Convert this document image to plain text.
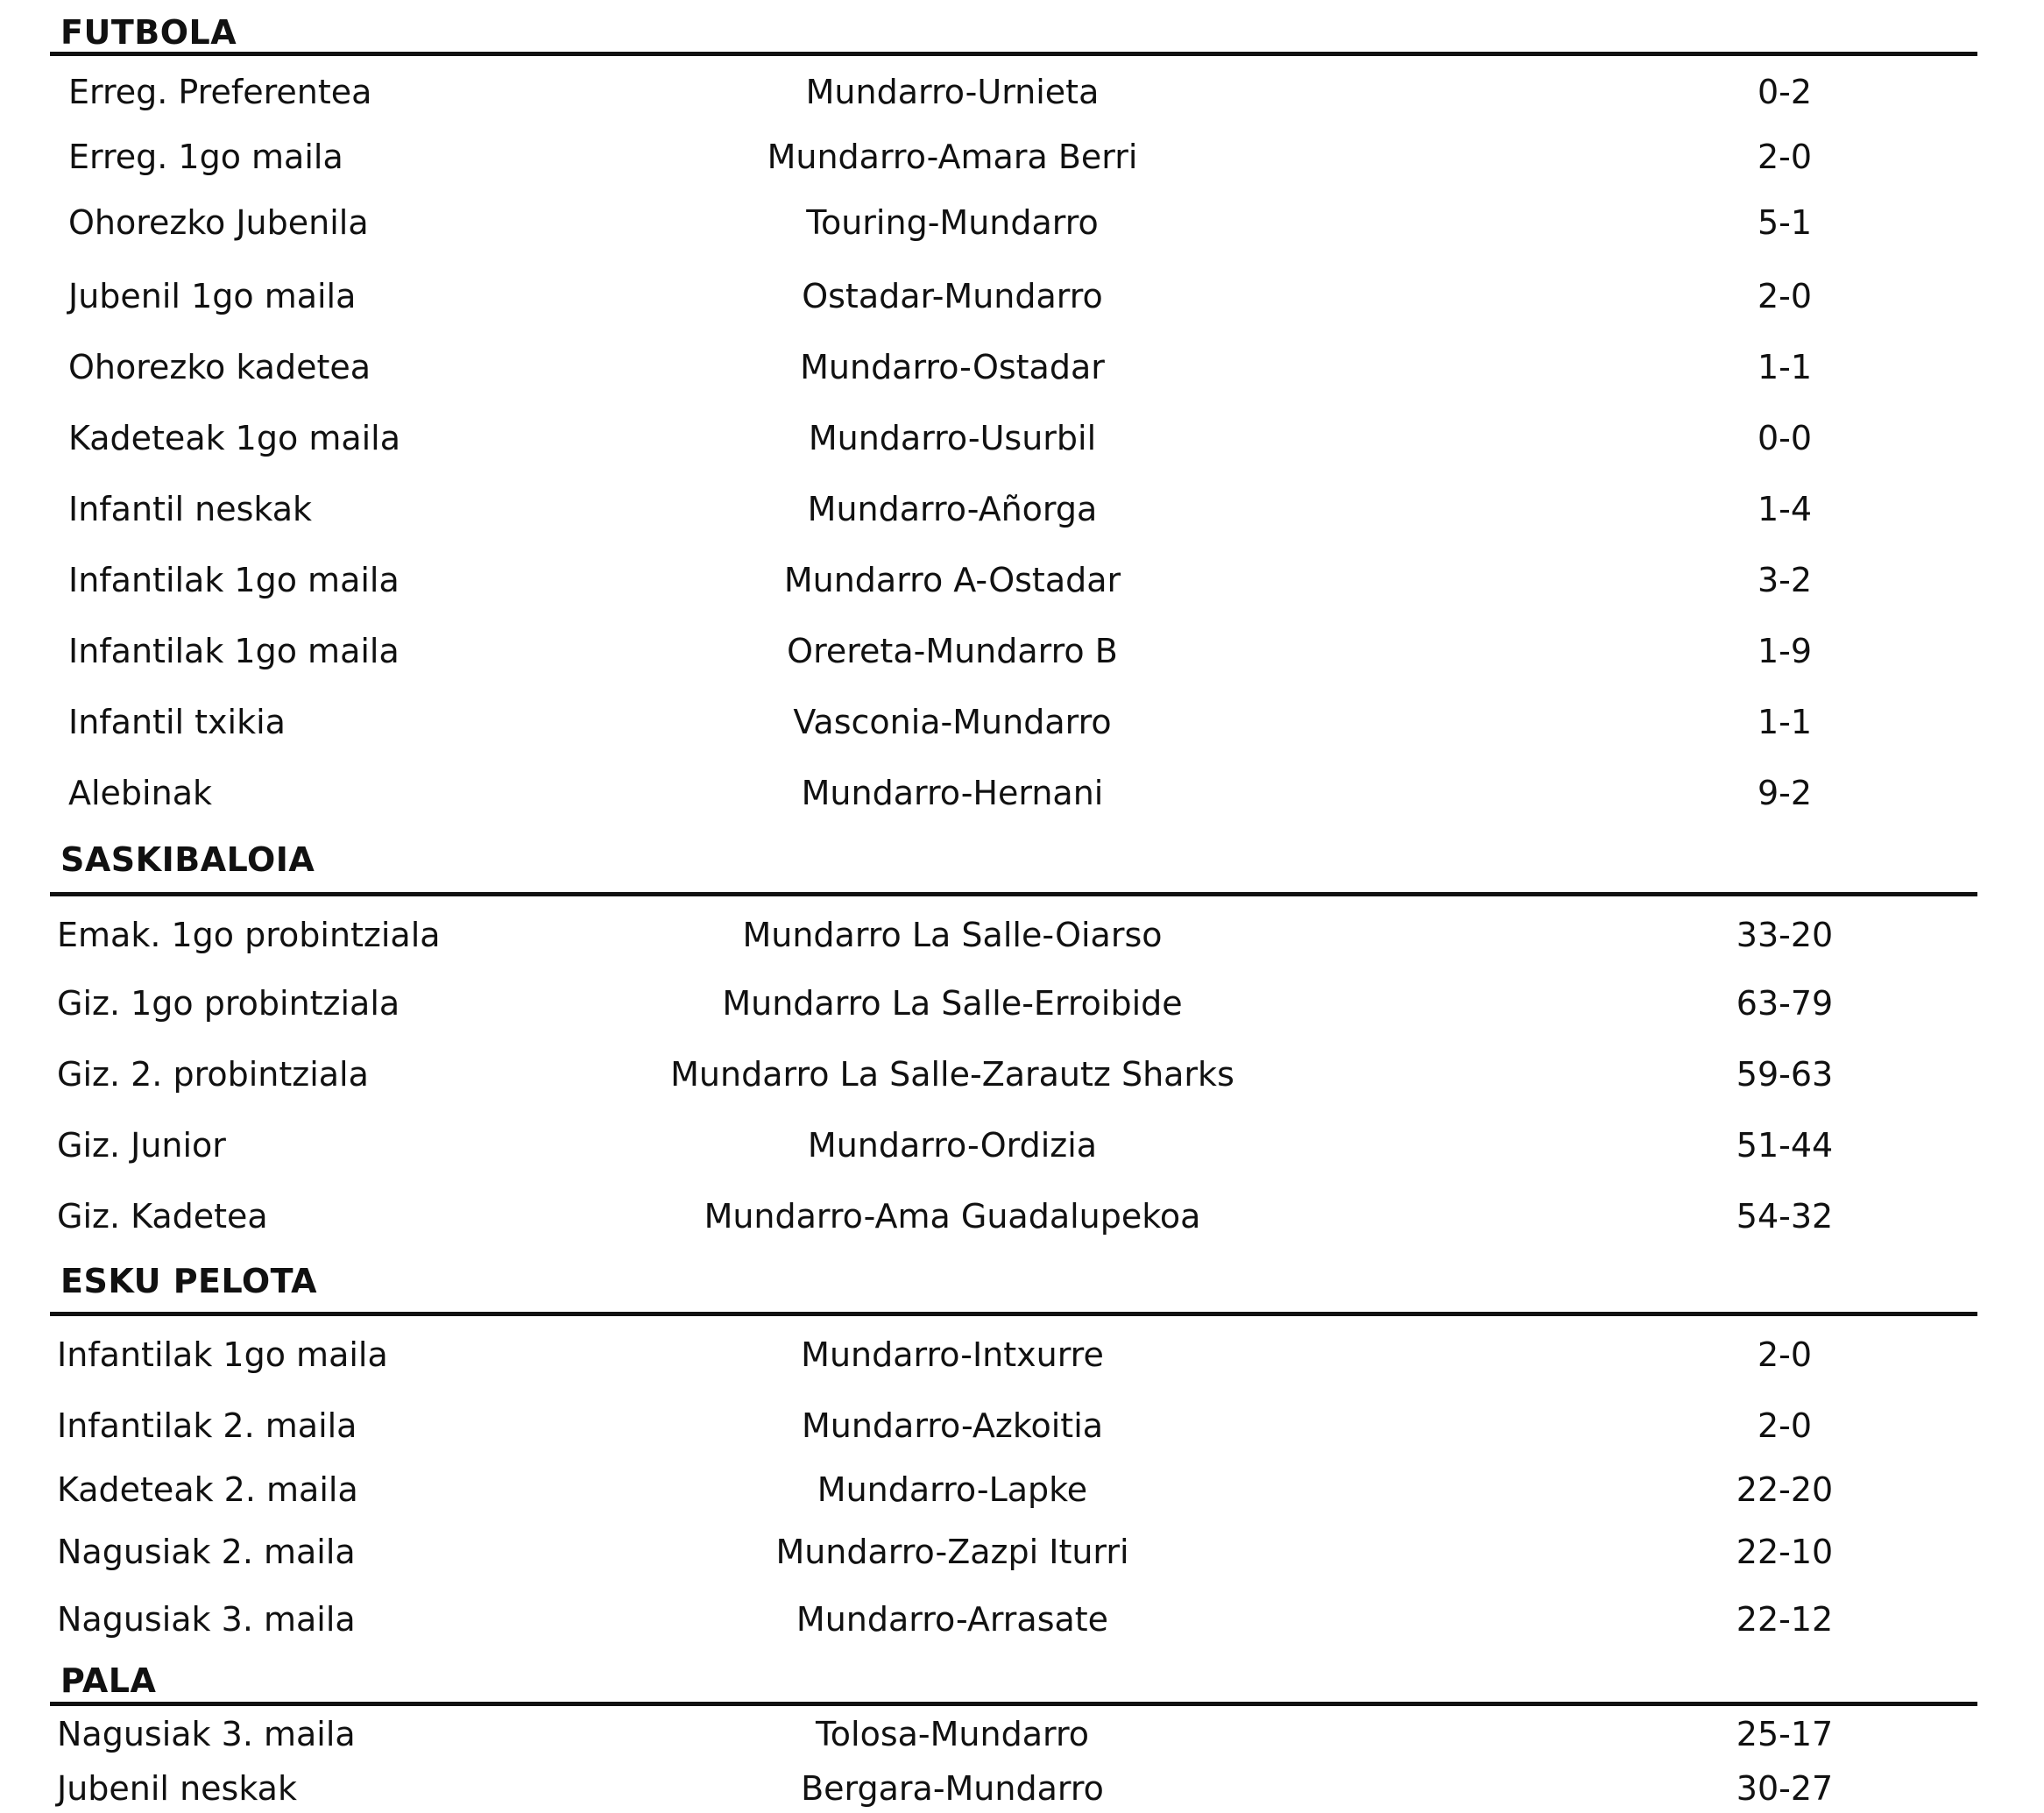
FUTBOLA
Erreg. Preferentea	Mundarro-Urnieta	0-2
Erreg. 1go maila	Mundarro-Amara Berri	2-0
Ohorezko Jubenila	Touring-Mundarro	5-1
Jubenil 1go maila	Ostadar-Mundarro	2-0
Ohorezko kadetea	Mundarro-Ostadar	1-1
Kadeteak 1go maila	Mundarro-Usurbil	0-0
Infantil neskak	Mundarro-Añorga	1-4
Infantilak 1go maila	Mundarro A-Ostadar	3-2
Infantilak 1go maila	Orereta-Mundarro B	1-9
Infantil txikia	Vasconia-Mundarro	1-1
Alebinak	Mundarro-Hernani	9-2
SASKIBALOIA
Emak. 1go probintziala	Mundarro La Salle-Oiarso	33-20
Giz. 1go probintziala	Mundarro La Salle-Erroibide	63-79
Giz. 2. probintziala	Mundarro La Salle-Zarautz Sharks	59-63
Giz. Junior	Mundarro-Ordizia	51-44
Giz. Kadetea	Mundarro-Ama Guadalupekoa	54-32
ESKU PELOTA
Infantilak 1go maila	Mundarro-Intxurre	2-0
Infantilak 2. maila	Mundarro-Azkoitia	2-0
Kadeteak 2. maila	Mundarro-Lapke	22-20
Nagusiak 2. maila	Mundarro-Zazpi Iturri	22-10
Nagusiak 3. maila	Mundarro-Arrasate	22-12
PALA
Nagusiak 3. maila	Tolosa-Mundarro	25-17
Jubenil neskak	Bergara-Mundarro	30-27
